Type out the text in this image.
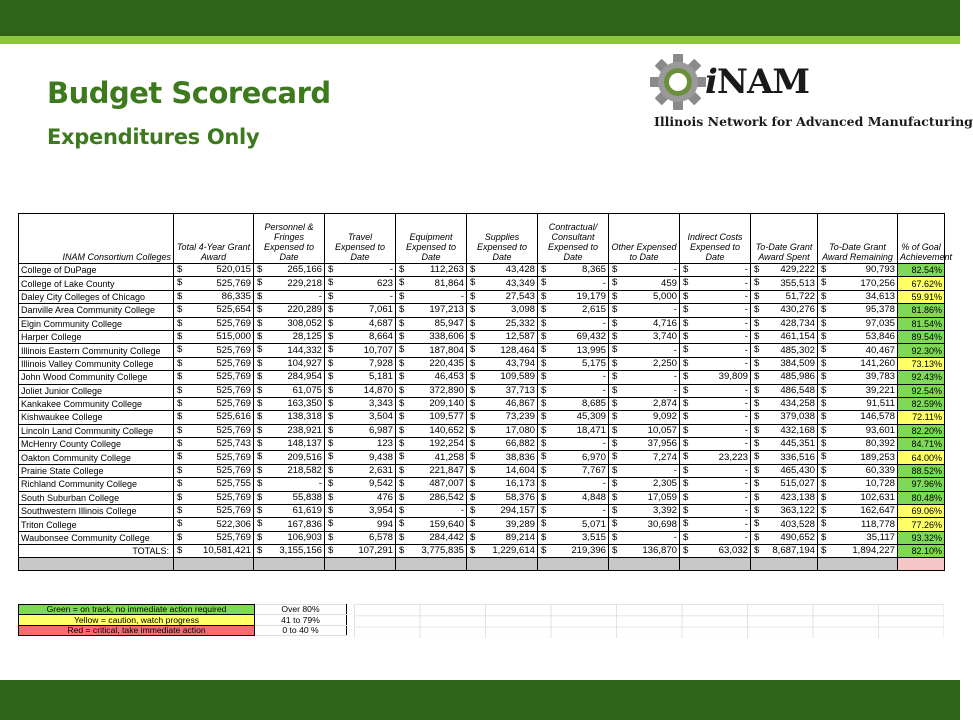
Budget Scorecard
Expenditures Only
iNAM
Illinois Network for Advanced Manufacturing
INAM Consortium Colleges	Total 4-Year Grant Award	Personnel & Fringes Expensed to Date	Travel Expensed to Date	Equipment Expensed to Date	Supplies Expensed to Date	Contractual/ Consultant Expensed to Date	Other Expensed to Date	Indirect Costs Expensed to Date	To-Date Grant Award Spent	To-Date Grant Award Remaining	% of Goal Achievement
College of DuPage	$ 520,015	$ 265,166	$ -	$ 112,263	$ 43,428	$ 8,365	$ -	$ -	$ 429,222	$ 90,793	82.54%
College of Lake County	$ 525,769	$ 229,218	$ 623	$ 81,864	$ 43,349	$ -	$ 459	$ -	$ 355,513	$ 170,256	67.62%
Daley City Colleges of Chicago	$ 86,335	$ -	$ -	$ -	$ 27,543	$ 19,179	$ 5,000	$ -	$ 51,722	$ 34,613	59.91%
Danville Area Community College	$ 525,654	$ 220,289	$ 7,061	$ 197,213	$ 3,098	$ 2,615	$ -	$ -	$ 430,276	$ 95,378	81.86%
Elgin Community College	$ 525,769	$ 308,052	$ 4,687	$ 85,947	$ 25,332	$ -	$ 4,716	$ -	$ 428,734	$ 97,035	81.54%
Harper College	$ 515,000	$ 28,125	$ 8,664	$ 338,606	$ 12,587	$ 69,432	$ 3,740	$ -	$ 461,154	$ 53,846	89.54%
Illinois Eastern Community College	$ 525,769	$ 144,332	$ 10,707	$ 187,804	$ 128,464	$ 13,995	$ -	$ -	$ 485,302	$ 40,467	92.30%
Illinois Valley Community College	$ 525,769	$ 104,927	$ 7,928	$ 220,435	$ 43,794	$ 5,175	$ 2,250	$ -	$ 384,509	$ 141,260	73.13%
John Wood Community College	$ 525,769	$ 284,954	$ 5,181	$ 46,453	$ 109,589	$ -	$ -	$ 39,809	$ 485,986	$ 39,783	92.43%
Joliet Junior College	$ 525,769	$ 61,075	$ 14,870	$ 372,890	$ 37,713	$ -	$ -	$ -	$ 486,548	$ 39,221	92.54%
Kankakee Community College	$ 525,769	$ 163,350	$ 3,343	$ 209,140	$ 46,867	$ 8,685	$ 2,874	$ -	$ 434,258	$ 91,511	82.59%
Kishwaukee College	$ 525,616	$ 138,318	$ 3,504	$ 109,577	$ 73,239	$ 45,309	$ 9,092	$ -	$ 379,038	$ 146,578	72.11%
Lincoln Land Community College	$ 525,769	$ 238,921	$ 6,987	$ 140,652	$ 17,080	$ 18,471	$ 10,057	$ -	$ 432,168	$ 93,601	82.20%
McHenry County College	$ 525,743	$ 148,137	$ 123	$ 192,254	$ 66,882	$ -	$ 37,956	$ -	$ 445,351	$ 80,392	84.71%
Oakton Community College	$ 525,769	$ 209,516	$ 9,438	$ 41,258	$ 38,836	$ 6,970	$ 7,274	$ 23,223	$ 336,516	$ 189,253	64.00%
Prairie State College	$ 525,769	$ 218,582	$ 2,631	$ 221,847	$ 14,604	$ 7,767	$ -	$ -	$ 465,430	$ 60,339	88.52%
Richland Community College	$ 525,755	$ -	$ 9,542	$ 487,007	$ 16,173	$ -	$ 2,305	$ -	$ 515,027	$ 10,728	97.96%
South Suburban College	$ 525,769	$ 55,838	$ 476	$ 286,542	$ 58,376	$ 4,848	$ 17,059	$ -	$ 423,138	$ 102,631	80.48%
Southwestern Illinois College	$ 525,769	$ 61,619	$ 3,954	$ -	$ 294,157	$ -	$ 3,392	$ -	$ 363,122	$ 162,647	69.06%
Triton College	$ 522,306	$ 167,836	$ 994	$ 159,640	$ 39,289	$ 5,071	$ 30,698	$ -	$ 403,528	$ 118,778	77.26%
Waubonsee Community College	$ 525,769	$ 106,903	$ 6,578	$ 284,442	$ 89,214	$ 3,515	$ -	$ -	$ 490,652	$ 35,117	93.32%
TOTALS:	$ 10,581,421	$ 3,155,156	$ 107,291	$ 3,775,835	$ 1,229,614	$ 219,396	$ 136,870	$ 63,032	$ 8,687,194	$ 1,894,227	82.10%

Green = on track, no immediate action required	Over 80%
Yellow = caution, watch progress	41 to 79%
Red = critical, take immediate action	0 to 40 %
